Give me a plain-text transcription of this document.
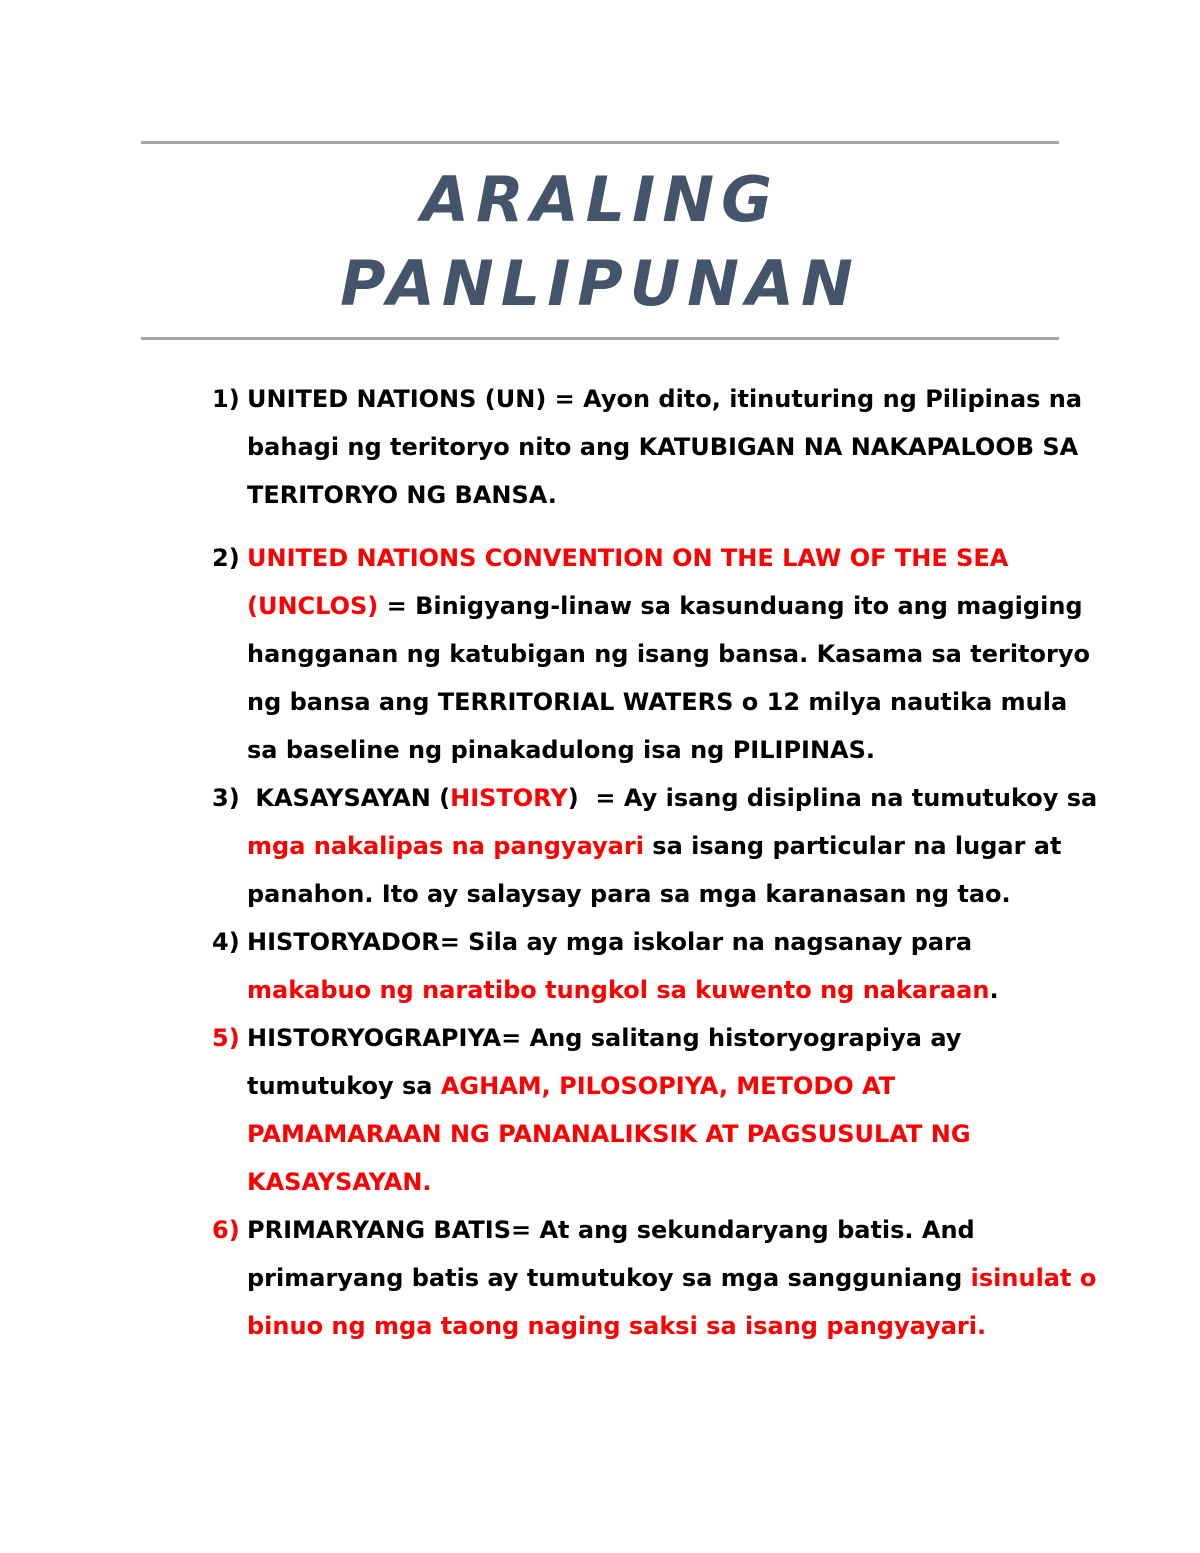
ARALING
PANLIPUNAN
1) UNITED NATIONS (UN) = Ayon dito, itinuturing ng Pilipinas na
bahagi ng teritoryo nito ang KATUBIGAN NA NAKAPALOOB SA
TERITORYO NG BANSA.
2) UNITED NATIONS CONVENTION ON THE LAW OF THE SEA
(UNCLOS) = Binigyang-linaw sa kasunduang ito ang magiging
hangganan ng katubigan ng isang bansa. Kasama sa teritoryo
ng bansa ang TERRITORIAL WATERS o 12 milya nautika mula
sa baseline ng pinakadulong isa ng PILIPINAS.
3) KASAYSAYAN (HISTORY)  = Ay isang disiplina na tumutukoy sa
mga nakalipas na pangyayari sa isang particular na lugar at
panahon. Ito ay salaysay para sa mga karanasan ng tao.
4) HISTORYADOR= Sila ay mga iskolar na nagsanay para
makabuo ng naratibo tungkol sa kuwento ng nakaraan.
5) HISTORYOGRAPIYA= Ang salitang historyograpiya ay
tumutukoy sa AGHAM, PILOSOPIYA, METODO AT
PAMAMARAAN NG PANANALIKSIK AT PAGSUSULAT NG
KASAYSAYAN.
6) PRIMARYANG BATIS= At ang sekundaryang batis. And
primaryang batis ay tumutukoy sa mga sangguniang isinulat o
binuo ng mga taong naging saksi sa isang pangyayari.
